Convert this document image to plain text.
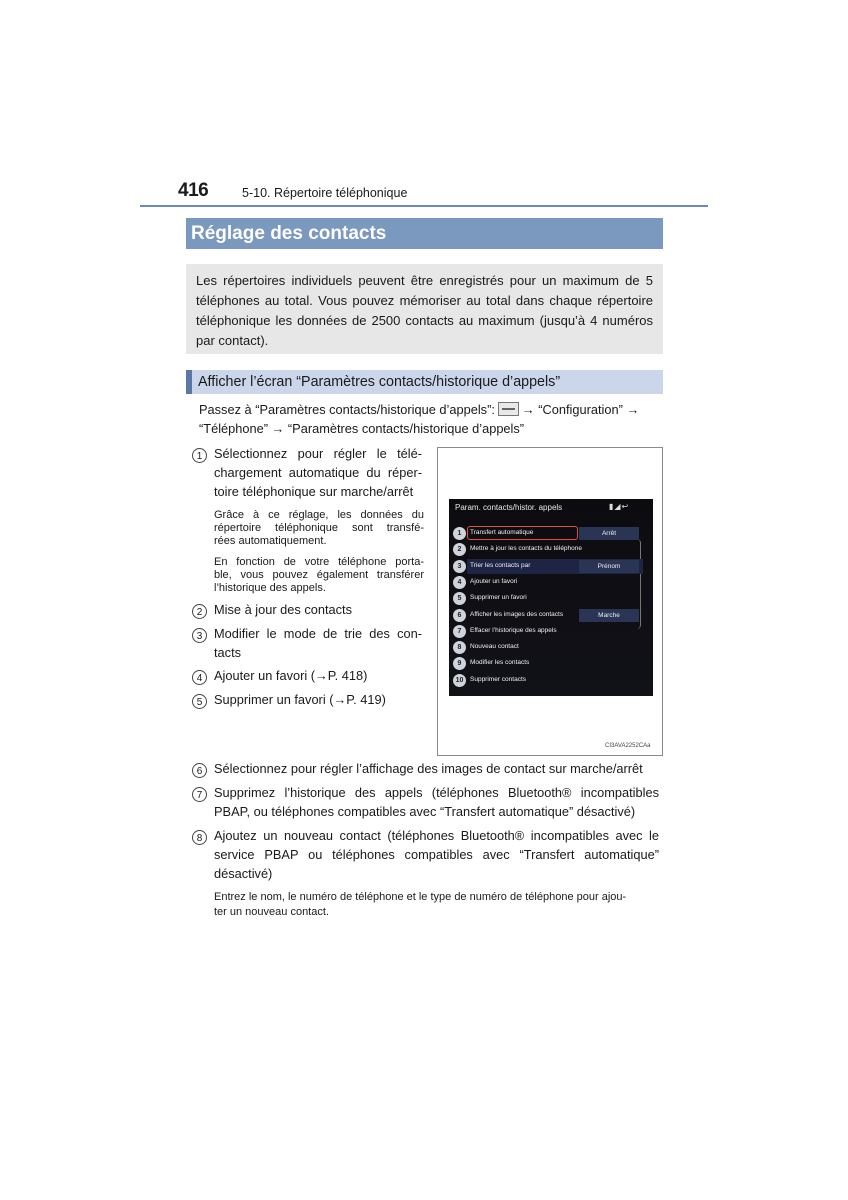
416	5-10. Répertoire téléphonique
Réglage des contacts
Les répertoires individuels peuvent être enregistrés pour un maximum de 5 téléphones au total. Vous pouvez mémoriser au total dans chaque répertoire téléphonique les données de 2500 contacts au maximum (jusqu’à 4 numéros par contact).
Afficher l’écran “Paramètres contacts/historique d’appels”
Passez à “Paramètres contacts/historique d’appels”: → “Configuration” →
“Téléphone” → “Paramètres contacts/historique d’appels”
1 Sélectionnez pour régler le télé-
chargement automatique du réper-
toire téléphonique sur marche/arrêt
Grâce à ce réglage, les données du
répertoire téléphonique sont transfé-
rées automatiquement.
En fonction de votre téléphone porta-
ble, vous pouvez également transférer
l’historique des appels.
2 Mise à jour des contacts
3 Modifier le mode de trie des con-
tacts
4 Ajouter un favori (→P. 418)
5 Supprimer un favori (→P. 419)
Param. contacts/histor. appels	▮◢↩
1	Transfert automatique	Arrêt
2	Mettre à jour les contacts du téléphone
3	Trier les contacts par	Prénom
4	Ajouter un favori
5	Supprimer un favori
6	Afficher les images des contacts	Marche
7	Effacer l’historique des appels
8	Nouveau contact
9	Modifier les contacts
10	Supprimer contacts
CI3AVA2252CAa
6 Sélectionnez pour régler l’affichage des images de contact sur marche/arrêt
7 Supprimez l’historique des appels (téléphones Bluetooth® incompatibles
PBAP, ou téléphones compatibles avec “Transfert automatique” désactivé)
8 Ajoutez un nouveau contact (téléphones Bluetooth® incompatibles avec le
service PBAP ou téléphones compatibles avec “Transfert automatique”
désactivé)
Entrez le nom, le numéro de téléphone et le type de numéro de téléphone pour ajou-
ter un nouveau contact.
